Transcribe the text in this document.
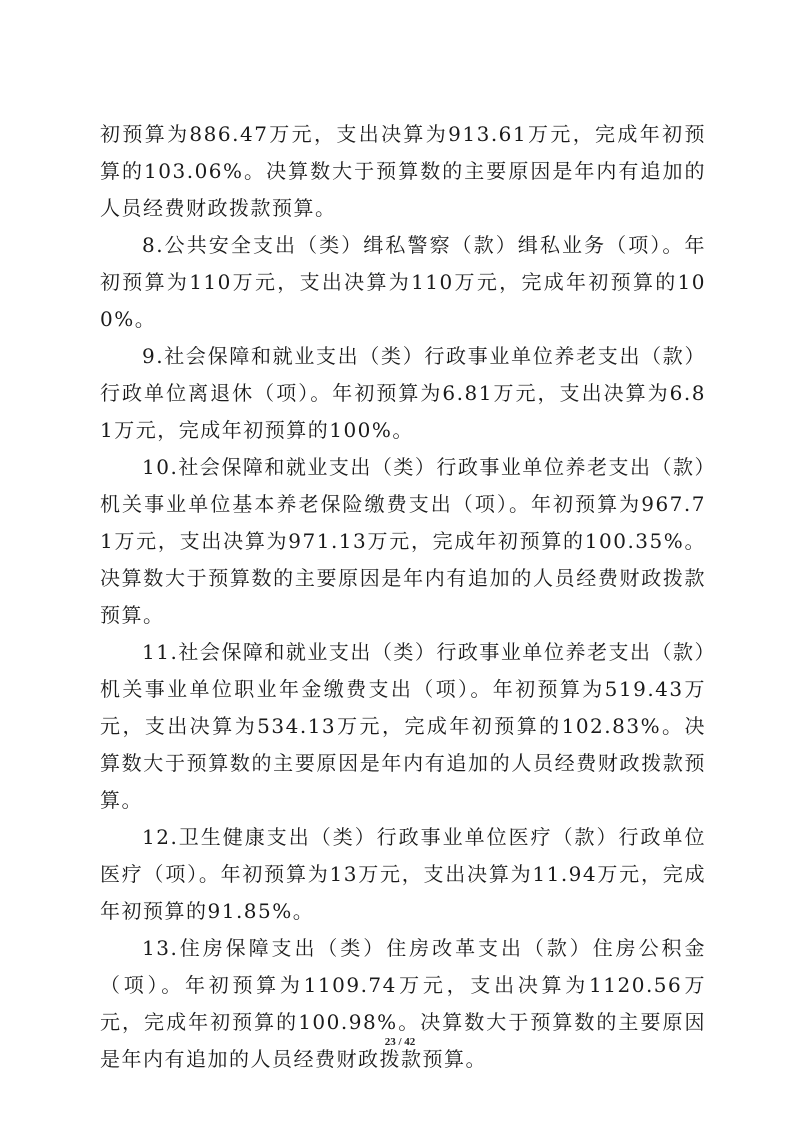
初预算为886.47万元，支出决算为913.61万元，完成年初预算的103.06%。决算数大于预算数的主要原因是年内有追加的人员经费财政拨款预算。

8.公共安全支出（类）缉私警察（款）缉私业务（项）。年初预算为110万元，支出决算为110万元，完成年初预算的100%。

9.社会保障和就业支出（类）行政事业单位养老支出（款）行政单位离退休（项）。年初预算为6.81万元，支出决算为6.81万元，完成年初预算的100%。

10.社会保障和就业支出（类）行政事业单位养老支出（款）机关事业单位基本养老保险缴费支出（项）。年初预算为967.71万元，支出决算为971.13万元，完成年初预算的100.35%。决算数大于预算数的主要原因是年内有追加的人员经费财政拨款预算。

11.社会保障和就业支出（类）行政事业单位养老支出（款）机关事业单位职业年金缴费支出（项）。年初预算为519.43万元，支出决算为534.13万元，完成年初预算的102.83%。决算数大于预算数的主要原因是年内有追加的人员经费财政拨款预算。

12.卫生健康支出（类）行政事业单位医疗（款）行政单位医疗（项）。年初预算为13万元，支出决算为11.94万元，完成年初预算的91.85%。

13.住房保障支出（类）住房改革支出（款）住房公积金（项）。年初预算为1109.74万元，支出决算为1120.56万元，完成年初预算的100.98%。决算数大于预算数的主要原因是年内有追加的人员经费财政拨款预算。

23 / 42
